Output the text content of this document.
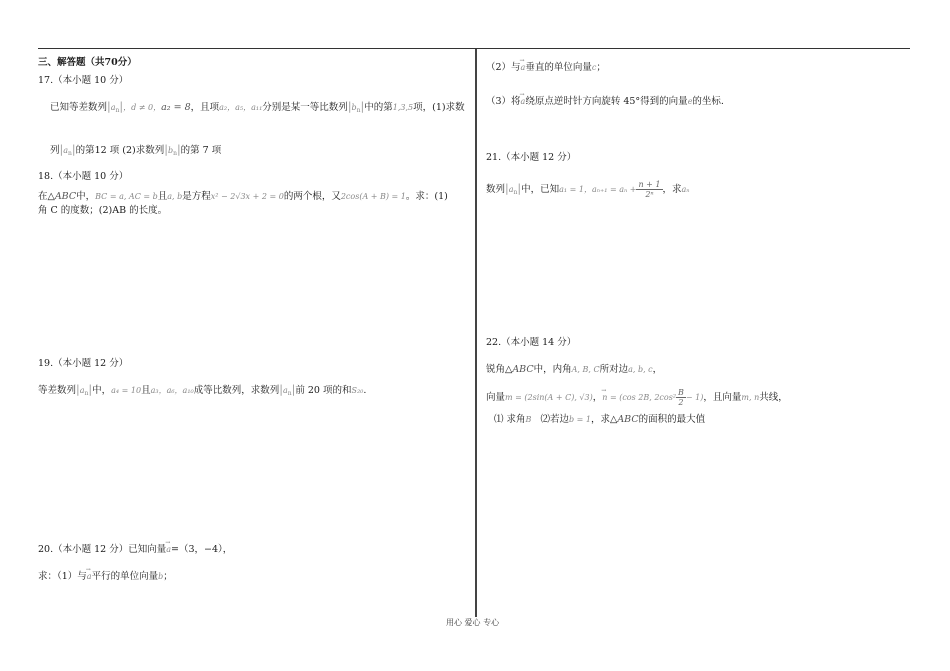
三、解答题（共70分）
17.（本小题 10 分）
已知等差数列$|a_n|$，d ≠ 0，a₂ = 8，且项a₂，a₅，a₁₁分别是某一等比数列$|b_n|$中的第1,3,5项，(1)求数
列$|a_n|$的第12 项 (2)求数列$|b_n|$的第 7 项
18.（本小题 10 分）
在△ABC中，BC = a, AC = b且a, b是方程x² − 2√3x + 2 = 0的两个根，又2cos(A + B) = 1。求：(1)
角 C 的度数；(2)AB 的长度。
19.（本小题 12 分）
等差数列$|a_n|$中，a₄ = 10且a₃，a₆，a₁₀成等比数列，求数列$|a_n|$前 20 项的和S₂₀.
20.（本小题 12 分）已知向量→ a=（3，−4），
求：（1）与→ a平行的单位向量b；
（2）与→ a垂直的单位向量c；
（3）将→ a绕原点逆时针方向旋转 45°得到的向量e的坐标.
21.（本小题 12 分）
数列$|a_n|$中，已知a₁ = 1，$a_{n+1} = a_n + \frac{n + 1}{\text{2ⁿ}}$ ，求aₙ
22.（本小题 14 分）
锐角△ABC中，内角A, B, C所对边a, b, c，
向量m = (2sin(A + C), √3)，→ n = (cos 2B, $2\cos^2 \frac{B}{2} - 1$)，且向量m, n共线，
⑴ 求角B ⑵若边b = 1，求△ABC的面积的最大值
用心 爱心 专心
